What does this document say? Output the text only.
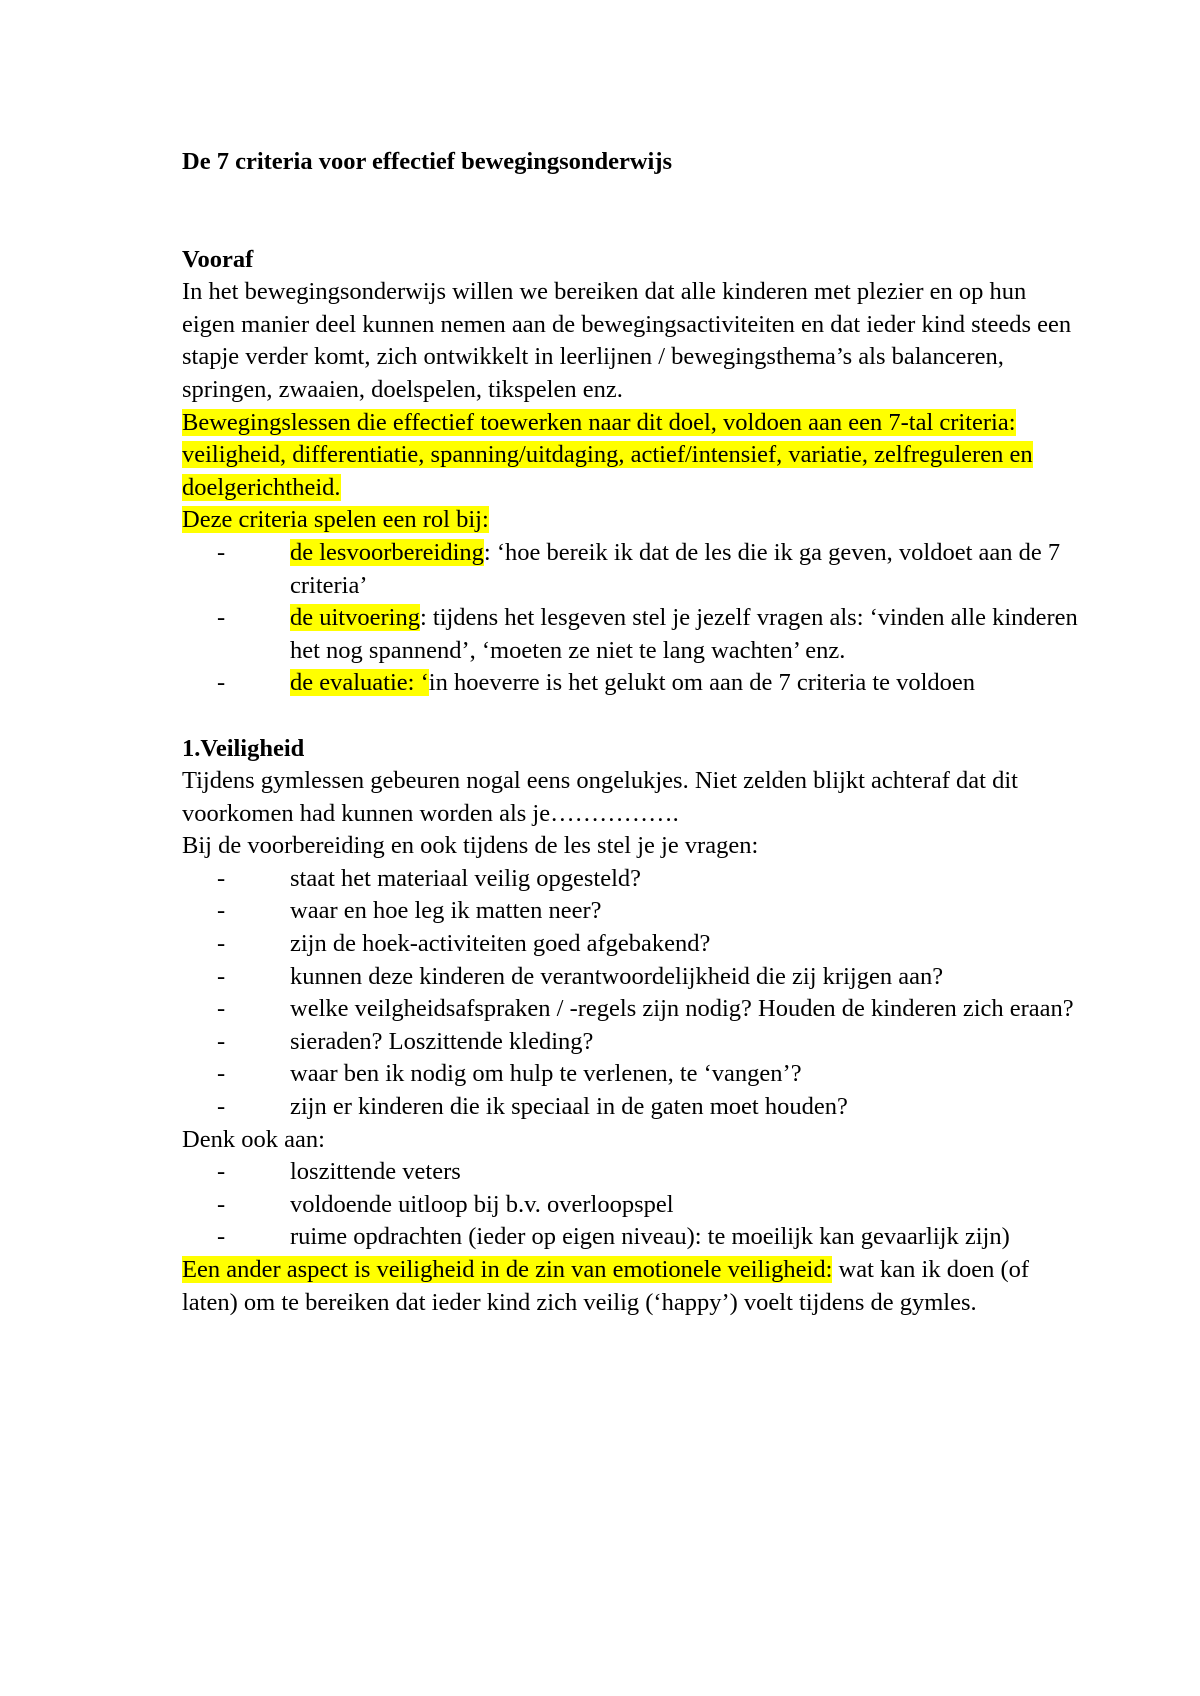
De 7 criteria voor effectief bewegingsonderwijs

Vooraf

In het bewegingsonderwijs willen we bereiken dat alle kinderen met plezier en op hun eigen manier deel kunnen nemen aan de bewegingsactiviteiten en dat ieder kind steeds een stapje verder komt, zich ontwikkelt in leerlijnen / bewegingsthema’s als balanceren, springen, zwaaien, doelspelen, tikspelen enz.

Bewegingslessen die effectief toewerken naar dit doel, voldoen aan een 7-tal criteria: veiligheid, differentiatie, spanning/uitdaging, actief/intensief, variatie, zelfreguleren en doelgerichtheid.

Deze criteria spelen een rol bij:

-	de lesvoorbereiding: ‘hoe bereik ik dat de les die ik ga geven, voldoet aan de 7 criteria’
-	de uitvoering: tijdens het lesgeven stel je jezelf vragen als: ‘vinden alle kinderen het nog spannend’, ‘moeten ze niet te lang wachten’ enz.
-	de evaluatie: ‘in hoeverre is het gelukt om aan de 7 criteria te voldoen

1.Veiligheid

Tijdens gymlessen gebeuren nogal eens ongelukjes. Niet zelden blijkt achteraf dat dit voorkomen had kunnen worden als je…………….

Bij de voorbereiding en ook tijdens de les stel je je vragen:

-	staat het materiaal veilig opgesteld?
-	waar en hoe leg ik matten neer?
-	zijn de hoek-activiteiten goed afgebakend?
-	kunnen deze kinderen de verantwoordelijkheid die zij krijgen aan?
-	welke veilgheidsafspraken / -regels zijn nodig? Houden de kinderen zich eraan?
-	sieraden? Loszittende kleding?
-	waar ben ik nodig om hulp te verlenen, te ‘vangen’?
-	zijn er kinderen die ik speciaal in de gaten moet houden?

Denk ook aan:

-	loszittende veters
-	voldoende uitloop bij b.v. overloopspel
-	ruime opdrachten (ieder op eigen niveau): te moeilijk kan gevaarlijk zijn)

Een ander aspect is veiligheid in de zin van emotionele veiligheid: wat kan ik doen (of laten) om te bereiken dat ieder kind zich veilig (‘happy’) voelt tijdens de gymles.
